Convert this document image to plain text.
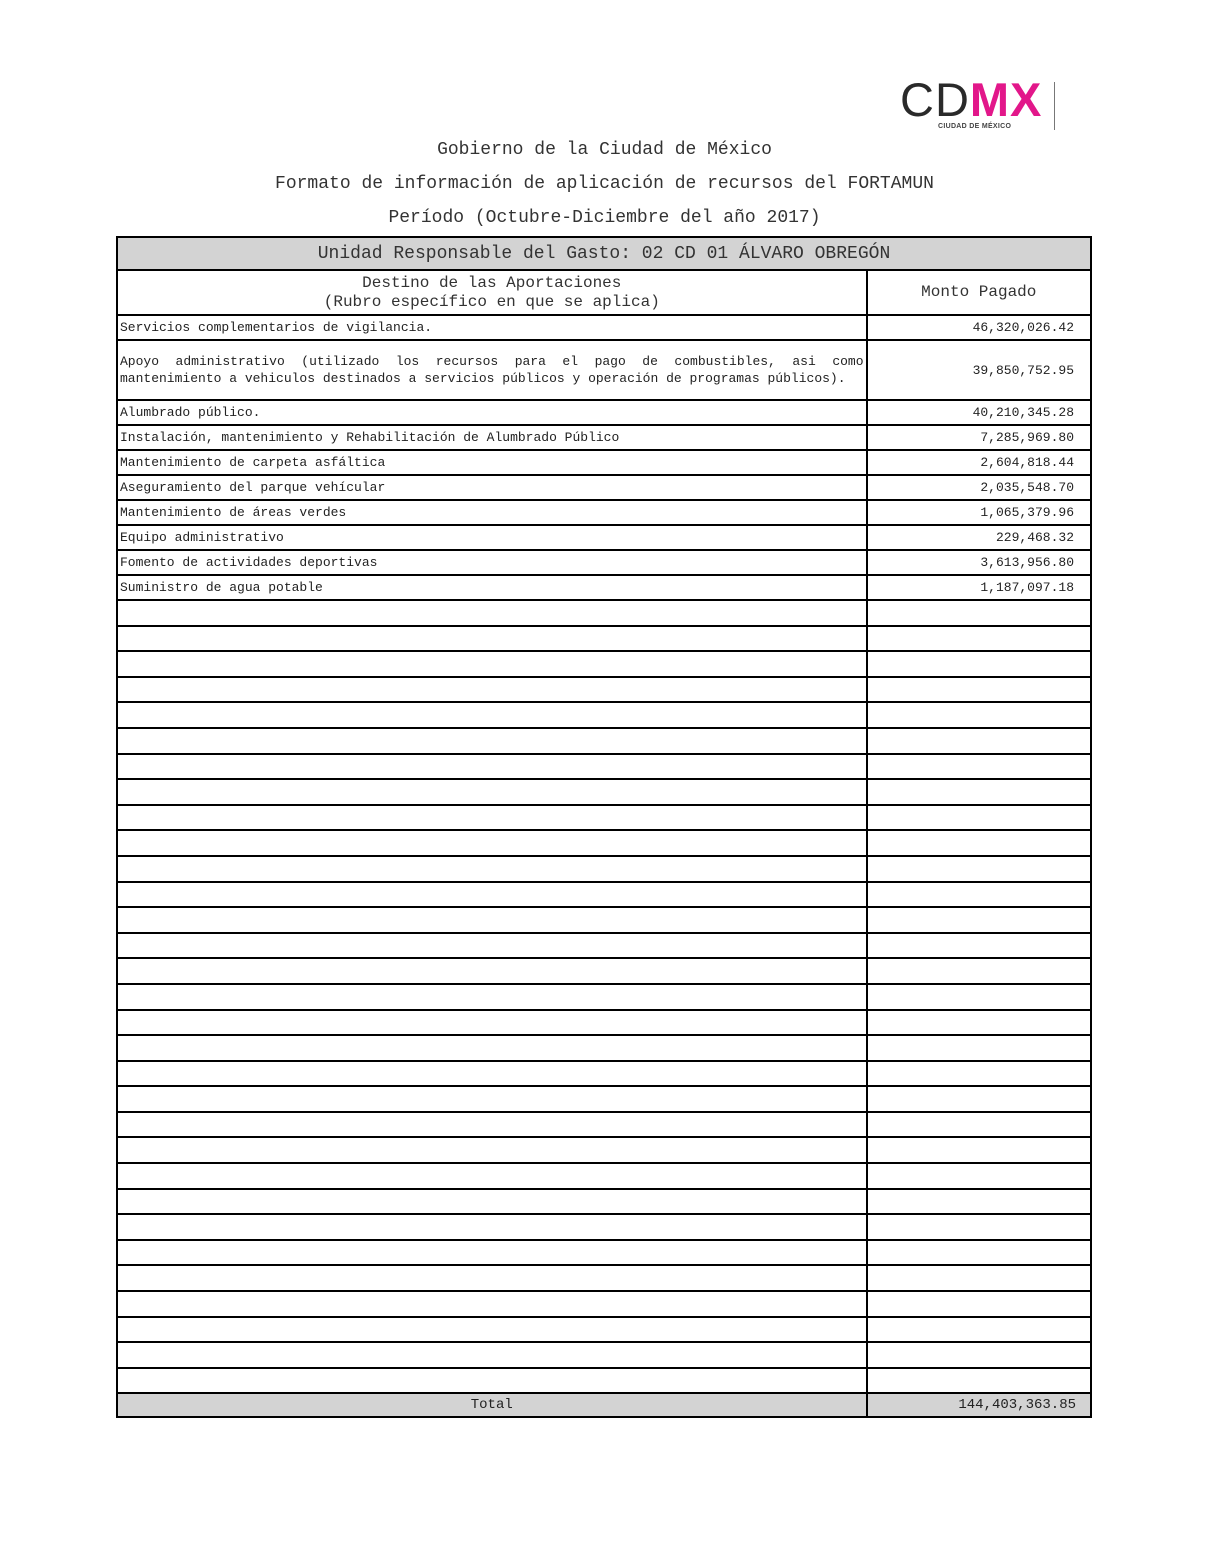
CDMX
CIUDAD DE MÉXICO
Gobierno de la Ciudad de México
Formato de información de aplicación de recursos del FORTAMUN
Período (Octubre-Diciembre del año 2017)
Unidad Responsable del Gasto: 02 CD 01 ÁLVARO OBREGÓN	

Destino de las Aportaciones
(Rubro específico en que se aplica)	Monto Pagado
Servicios complementarios de vigilancia.	46,320,026.42
Apoyo administrativo (utilizado los recursos para el pago de combustibles, asi como mantenimiento a vehiculos destinados a servicios públicos y operación de programas públicos).	39,850,752.95
Alumbrado público.	40,210,345.28
Instalación, mantenimiento y Rehabilitación de Alumbrado Público	7,285,969.80
Mantenimiento de carpeta asfáltica	2,604,818.44
Aseguramiento del parque vehícular	2,035,548.70
Mantenimiento de áreas verdes	1,065,379.96
Equipo administrativo	229,468.32
Fomento de actividades deportivas	3,613,956.80
Suministro de agua potable	1,187,097.18

Total	144,403,363.85
